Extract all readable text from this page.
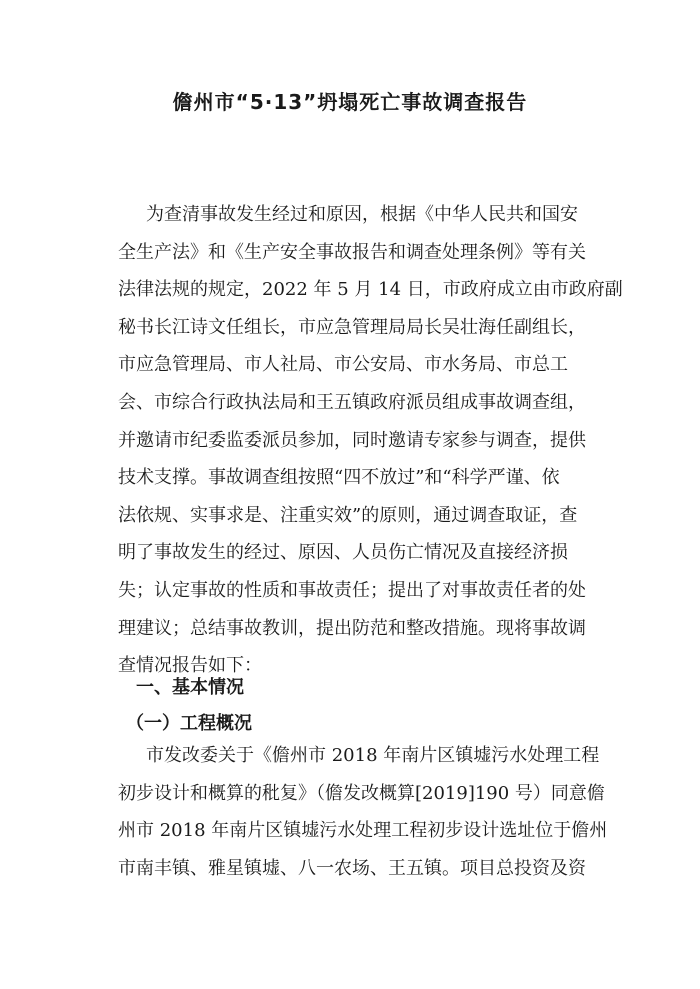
儋州市“5·13”坍塌死亡事故调查报告
为查清事故发生经过和原因，根据《中华人民共和国安
全生产法》和《生产安全事故报告和调查处理条例》等有关
法律法规的规定，2022 年 5 月 14 日，市政府成立由市政府副
秘书长江诗文任组长，市应急管理局局长吴壮海任副组长，
市应急管理局、市人社局、市公安局、市水务局、市总工
会、市综合行政执法局和王五镇政府派员组成事故调查组，
并邀请市纪委监委派员参加，同时邀请专家参与调查，提供
技术支撑。事故调查组按照“四不放过”和“科学严谨、依
法依规、实事求是、注重实效”的原则，通过调查取证，查
明了事故发生的经过、原因、人员伤亡情况及直接经济损
失；认定事故的性质和事故责任；提出了对事故责任者的处
理建议；总结事故教训，提出防范和整改措施。现将事故调
查情况报告如下：
一、基本情况
（一）工程概况
市发改委关于《儋州市 2018 年南片区镇墟污水处理工程
初步设计和概算的秕复》（儋发改概算[2019]190 号）同意儋
州市 2018 年南片区镇墟污水处理工程初步设计选址位于儋州
市南丰镇、雅星镇墟、八一农场、王五镇。项目总投资及资
